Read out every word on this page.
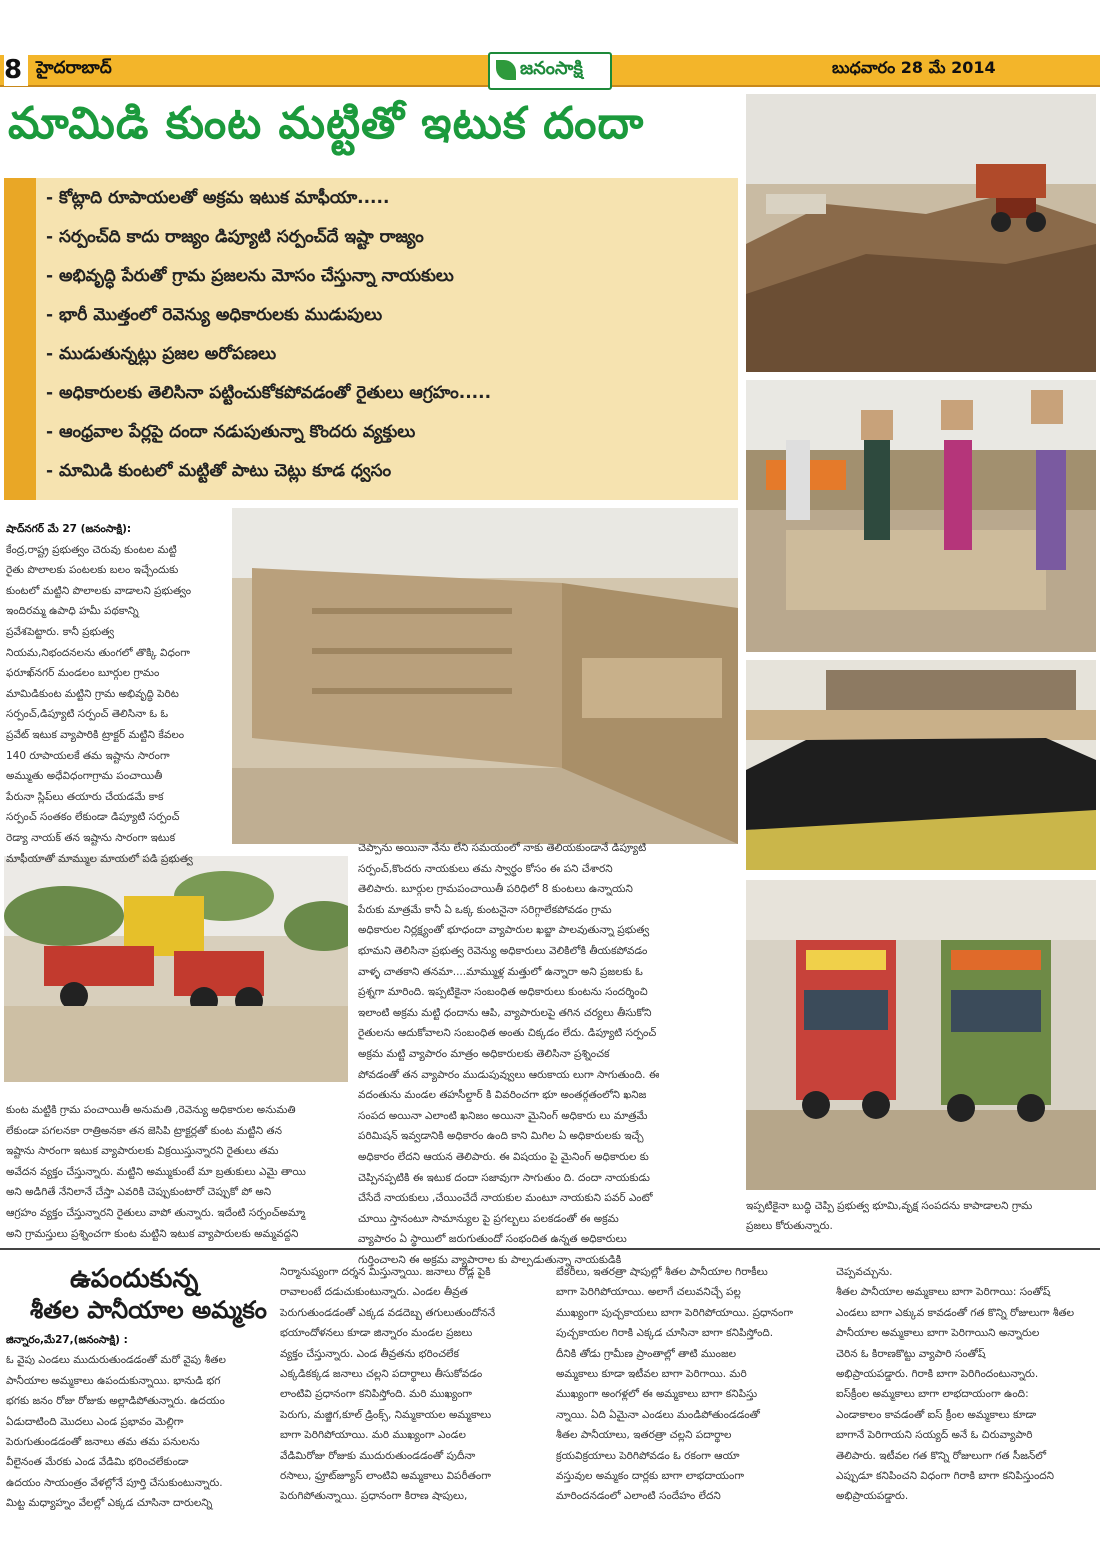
8 హైదరాబాద్	జనంసాక్షి	బుధవారం 28 మే 2014
మామిడి కుంట మట్టితో ఇటుక దందా
- కోట్లాది రూపాయలతో అక్రమ ఇటుక మాఫీయా.....
- సర్పంచ్‌ది కాదు రాజ్యం డిప్యూటి సర్పంచ్‌దే ఇష్టా రాజ్యం
- అభివృద్ధి పేరుతో గ్రామ ప్రజలను మోసం చేస్తున్నా నాయకులు
- భారీ మొత్తంలో రెవెన్యు అధికారులకు ముడుపులు
- ముడుతున్నట్లు ప్రజల అరోపణలు
- అధికారులకు తెలిసినా పట్టించుకోకపోవడంతో రైతులు ఆగ్రహం.....
- ఆంధ్రవాల పేర్లపై దందా నడుపుతున్నా కొందరు వ్యక్తులు
- మామిడి కుంటలో మట్టితో పాటు చెట్లు కూడ ధ్వసం

షాద్‌నగర్ మే 27 (జనంసాక్షి):

కేంద్ర,రాష్ట్ర ప్రభుత్వం చెరువు కుంటల మట్టి

రైతు పొలాలకు పంటలకు బలం ఇచ్చేందుకు

కుంటలో మట్టిని పొలాలకు వాడాలని ప్రభుత్వం

ఇందిరమ్మ ఉపాధి హమీ పథకాన్ని

ప్రవేశపెట్టారు. కానీ ప్రభుత్వ

నియమ,నిభందనలను తుంగలో తొక్కి విధంగా

ఫరూఖ్‌నగర్ మండలం బూర్గుల గ్రామం

మామిడికుంట మట్టిని గ్రామ అభివృద్ధి పెరిట

సర్పంచ్,డిప్యూటి సర్పంచ్ తెలిసినా ఓ ఓ

ప్రవేట్ ఇటుక వ్యాపారికి ట్రాక్టర్ మట్టిని కేవలం

140 రూపాయలకే తమ ఇష్టాను సారంగా

అమ్ముతు అధేవిధంగాగ్రామ పంచాయితీ

పేరునా స్లిప్‌లు తయారు చేయడమే కాక

సర్పంచ్ సంతకం లేకుండా డిప్యూటి సర్పంచ్

రెడ్యా నాయక్ తన ఇష్టాను సారంగా ఇటుక

మాఫీయాతో మామ్ముల మాయలో పడి ప్రభుత్వ

చెప్పాను అయినా నేను లేని సమయంలో నాకు తెలియకుండానే డిప్యూటి

సర్పంచ్,కొందరు నాయకులు తమ స్వార్థం కోసం ఈ పని చేశారని

తెలిపారు. బూర్గుల గ్రామపంచాయితీ పరిధిలో 8 కుంటలు ఉన్నాయని

పేరుకు మాత్రమే కానీ ఏ ఒక్క కుంటనైనా సరిగ్గాలేకపోవడం గ్రామ

అధికారుల నిర్లక్ష్యంతో భూధందా వ్యాపారుల ఖబ్జా పాలవుతున్నా ప్రభుత్వ

భూమని తెలిసినా ప్రభుత్వ రెవెన్యు అధికారులు వెలికిలోకి తీయకపోవడం

వాళ్ళ చాతకాని తనమా....మామ్ముళ్ల మత్తులో ఉన్నారా అని ప్రజలకు ఓ

ప్రశ్నగా మారింది. ఇప్పటికైనా సంబంధిత అధికారులు కుంటను సందర్శించి

ఇలాంటి అక్రమ మట్టి ధందాను ఆపి, వ్యాపారులపై తగిన చర్యలు తీసుకోని

రైతులను ఆదుకోవాలని సంబంధిత అంతు చిక్కడం లేదు. డిప్యూటి సర్పంచ్

అక్రమ మట్టి వ్యాపారం మాత్రం అధికారులకు తెలిసినా ప్రశ్నించక

పోవడంతో తన వ్యాపారం ముడుపువ్వులు ఆరుకాయ లుగా సాగుతుంది. ఈ

వదంతును మండల తహసీల్దార్ కి వివరించగా భూ అంతర్గతంలోని ఖనిజ

సంపద అయినా ఎలాంటి ఖనిజం అయినా మైనింగ్ అధికారు లు మాత్రమే

పరిమిషన్ ఇవ్వడానికి అధికారం ఉంది కాని మిగిల ఏ అధికారులకు ఇచ్చే

అధికారం లేదని ఆయన తెలిపారు. ఈ విషయం పై మైనింగ్ అధికారుల కు

చెప్పినప్పటికి ఈ ఇటుక దందా సజావుగా సాగుతుం ది. దందా నాయకుడు

చేసేదే నాయకులు ,చేయించేదే నాయకుల మంటూ నాయకుని పవర్ ఎంటో

చూయి స్తానంటూ సామాన్యుల పై ప్రగల్బలు పలకడంతో ఈ అక్రమ

వ్యాపారం ఏ స్థాయిలో జరుగుతుందో సంభందిత ఉన్నత అధికారులు

గుర్తించాలని ఈ అక్రమ వ్యాపారాల కు పాల్పడుతున్నా నాయకుడికి

కుంట మట్టికి గ్రామ పంచాయితీ అనుమతి ,రెవెన్యు అధికారుల అనుమతి

లేకుండా పగలనకా రాత్రిఅనకా తన జెసిపి ట్రాక్టర్లతో కుంట మట్టిని తన

ఇష్టాను సారంగా ఇటుక వ్యాపారులకు విక్రయిస్తున్నారని రైతులు తమ

అవేదన వ్యక్తం చేస్తున్నారు. మట్టిని అమ్ముకుంటే మా బ్రతుకులు ఎమై తాయి

అని అడిగితే నేనిలానే చేస్తా ఎవరికి చెప్పుకుంటారో చెప్పుకో పో అని

ఆగ్రహం వ్యక్తం చేస్తున్నారని రైతులు వాపో తున్నారు. ఇదేంటి సర్పంచ్‌అమ్మా

అని గ్రామస్తులు ప్రశ్నించగా కుంట మట్టిని ఇటుక వ్యాపారులకు అమ్మవద్దని

ఇప్పటికైనా బుద్ధి చెప్పి ప్రభుత్వ భూమి,వృక్ష సంపదను కాపాడాలని గ్రామ
ప్రజలు కోరుతున్నారు.
ఉపందుకున్న
శీతల పానీయాల అమ్మకం
జిన్నారం,మే27,(జనంసాక్షి) :
ఓ వైపు ఎండలు ముదురుతుండడంతో మరో వైపు శీతల
పానీయాల అమ్మకాలు ఉపందుకున్నాయి. భానుడి భగ
భగకు జనం రోజు రోజుకు అల్లాడిపోతున్నారు. ఉదయం
ఏడుదాటింది మొదలు ఎండ ప్రభావం మెల్లిగా
పెరుగుతుండడంతో జనాలు తమ తమ పనులను
వీలైనంత మేరకు ఎండ వేడిమి భరించలేకుండా
ఉదయం సాయంత్రం వేళల్లోనే పూర్తి చేసుకుంటున్నారు.
మిట్ట మధ్యాహ్నం వేలల్లో ఎక్కడ చూసినా దారులన్ని
నిర్మానుష్యంగా దర్శన మిస్తున్నాయి. జనాలు రోడ్ల పైకి
రావాలంటే దడుచుకుంటున్నారు. ఎండల తీవ్రత
పెరుగుతుండడంతో ఎక్కడ వడదెబ్బ తగులుతుందోననే
భయాందోళనలు కూడా జిన్నారం మండల ప్రజలు
వ్యక్తం చేస్తున్నారు. ఎండ తీవ్రతను భరించలేక
ఎక్కడికక్కడ జనాలు చల్లని పదార్థాలు తీసుకోవడం
లాంటివి ప్రధానంగా కనిపిస్తోంది. మరి ముఖ్యంగా
పెరుగు, మజ్జిగ,కూల్ డ్రింక్స్, నిమ్మకాయల అమ్మకాలు
బాగా పెరిగిపోయాయి. మరి ముఖ్యంగా ఎండల
వేడిమిరోజు రోజుకు ముదురుతుండడంతో పుదీనా
రసాలు, ఫ్రూట్‌జ్యూస్ లాంటివి అమ్మకాలు విపరీతంగా
పెరుగిపోతున్నాయి. ప్రధానంగా కిరాణ షాపులు,
బేకరీలు, ఇతరత్రా షాపుల్లో శీతల పానీయాల గిరాకీలు
బాగా పెరిగిపోయాయి. అలాగే చలువనిచ్చే పల్ల
ముఖ్యంగా పుచ్చకాయలు బాగా పెరిగిపోయాయి. ప్రధానంగా
పుచ్చకాయల గిరాకి ఎక్కడ చూసినా బాగా కనిపిస్తోంది.
దీనికి తోడు గ్రామీణ ప్రాంతాల్లో తాటి ముంజల
అమ్మకాలు కూడా ఇటీవల బాగా పెరిగాయి. మరి
ముఖ్యంగా అంగళ్లలో ఈ అమ్మకాలు బాగా కనిపిస్తు
న్నాయి. ఏది ఏమైనా ఎండలు మండిపోతుండడంతో
శీతల పానీయాలు, ఇతరత్రా చల్లని పదార్థాల
క్రయవిక్రయాలు పెరిగిపోవడం ఓ రకంగా ఆయా
వస్తువుల అమ్మకం దార్లకు బాగా లాభదాయంగా
మారిందనడంలో ఎలాంటి సందేహం లేదని
చెప్పవచ్చును.
శీతల పానీయాల అమ్మకాలు బాగా పెరిగాయి: సంతోష్
ఎండలు బాగా ఎక్కువ కావడంతో గత కొన్ని రోజులుగా శీతల
పానీయాల అమ్మకాలు బాగా పెరిగాయిని అన్నారుల
చెరిన ఓ కిరాణకొట్టు వ్యాపారి సంతోష్
అభిప్రాయపడ్డారు. గిరాకి బాగా పెరిగిందంటున్నారు.
ఐస్‌క్రీంల అమ్మకాలు బాగా లాభదాయంగా ఉంది:
ఎండాకాలం కావడంతో ఐస్ క్రీంల అమ్మకాలు కూడా
బాగానే పెరిగాయని సయ్యద్ అనే ఓ చిరువ్యాపారి
తెలిపారు. ఇటీవల గత కొన్ని రోజులుగా గత సీజన్‌లో
ఎప్పుడూ కనిపించని విధంగా గిరాకి బాగా కనిపిస్తుందని
అభిప్రాయపడ్డారు.
